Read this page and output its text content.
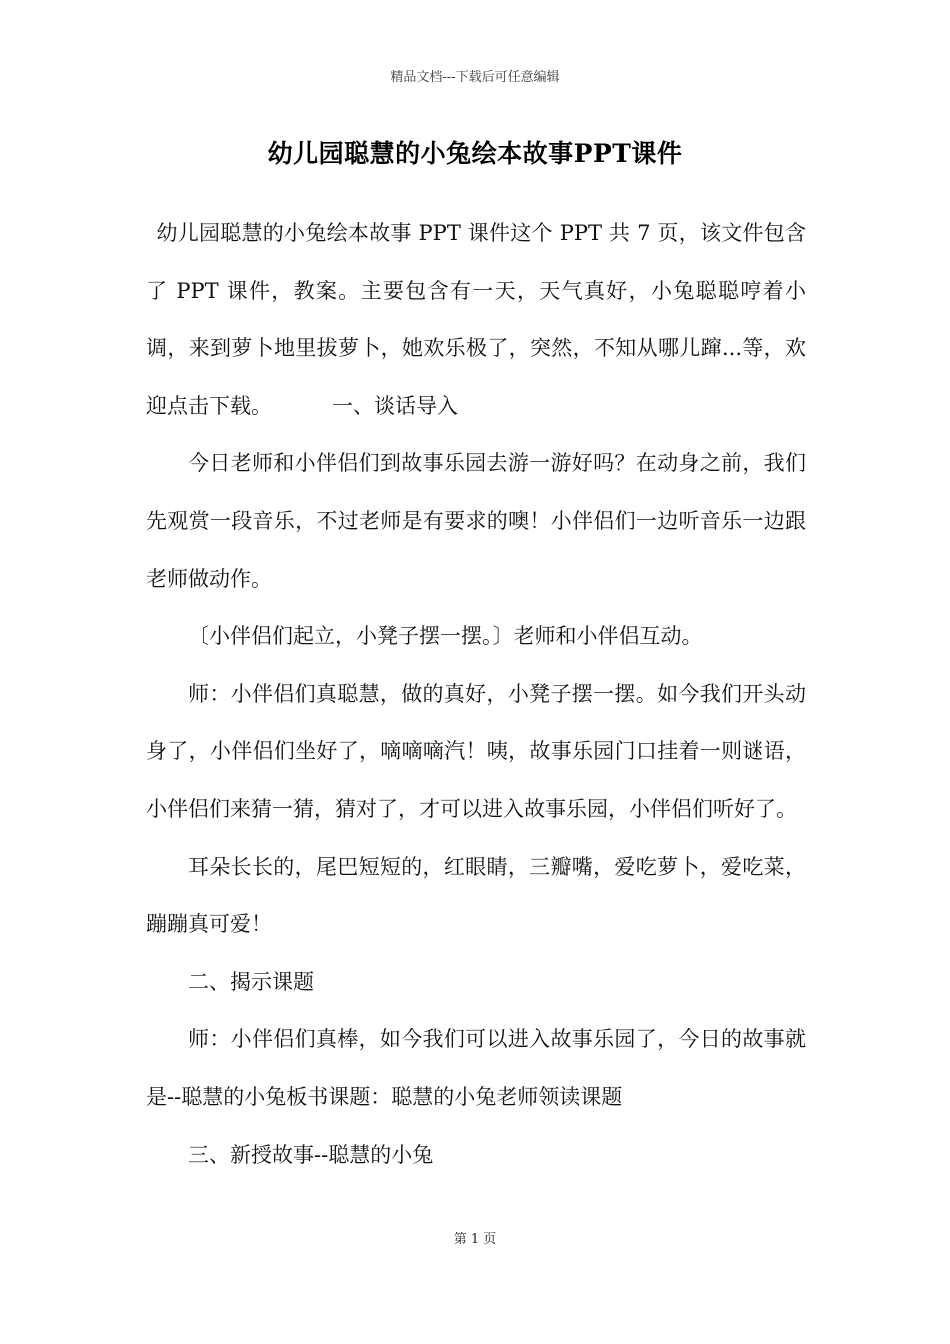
精品文档---下载后可任意编辑
幼儿园聪慧的小兔绘本故事PPT课件

幼儿园聪慧的小兔绘本故事 PPT 课件这个 PPT 共 7 页，该文件包含了 PPT 课件，教案。主要包含有一天，天气真好，小兔聪聪哼着小调，来到萝卜地里拔萝卜，她欢乐极了，突然，不知从哪儿蹿...等，欢迎点击下载。	一、谈话导入

今日老师和小伴侣们到故事乐园去游一游好吗？在动身之前，我们先观赏一段音乐，不过老师是有要求的噢！小伴侣们一边听音乐一边跟老师做动作。

〔小伴侣们起立，小凳子摆一摆。〕老师和小伴侣互动。

师：小伴侣们真聪慧，做的真好，小凳子摆一摆。如今我们开头动身了，小伴侣们坐好了，嘀嘀嘀汽！咦，故事乐园门口挂着一则谜语，小伴侣们来猜一猜，猜对了，才可以进入故事乐园，小伴侣们听好了。

耳朵长长的，尾巴短短的，红眼睛，三瓣嘴，爱吃萝卜，爱吃菜，蹦蹦真可爱！

二、揭示课题

师：小伴侣们真棒，如今我们可以进入故事乐园了，今日的故事就是--聪慧的小兔板书课题：聪慧的小兔老师领读课题

三、新授故事--聪慧的小兔

第 1 页
